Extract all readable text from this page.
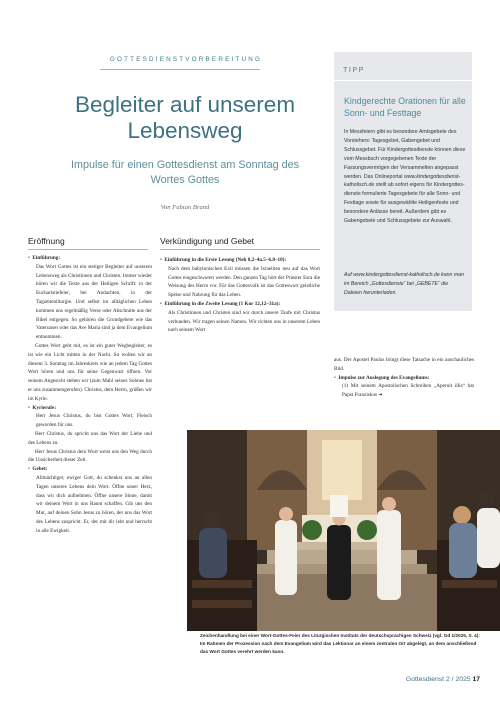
GOTTESDIENSTVORBEREITUNG
Begleiter auf unserem Lebensweg
Impulse für einen Gottesdienst am Sonntag des Wortes Gottes
Von Fabian Brand
TIPP
Kindgerechte Orationen für alle Sonn- und Festtage
In Messfeiern gibt es besondere Amtsgebete des Vorstehers: Tagesgebet, Gabengebet und Schlussgebet. Für Kindergottesdienste können diese vom Messbuch vorgegebenen Texte der Fassungsvermögen der Versammelten angepasst werden. Das Onlineportal www.kindergottesdienst-katholisch.de stellt ab sofort eigens für Kindergottes-dienste formulierte Tagesgebete für alle Sonn- und Festtage sowie für ausgewählte Heiligenfeste und besondere Anlässe bereit. Außerdem gibt es Gabengebete und Schlussgebete zur Auswahl.
Auf www.kindergottesdienst-katholisch.de kann man im Bereich „Gottesdienste“ bei „GEBETE“ die Dateien herunterladen.
Eröffnung

•  Einführung:
Das Wort Gottes ist ein stetiger Begleiter auf unserem Lebensweg als Christinnen und Christen. Immer wieder hören wir die Texte aus der Heiligen Schrift: in der Eucharistiefeier, bei Andachten, in der Tagzeitenliturgie. Und selbst im alltäglichen Leben kommen uns regelmäßig Verse oder Abschnitte aus der Bibel entgegen. So gehören die Grundgebete wie das Vaterunser oder das Ave Maria sind ja dem Evangelium entnommen.

Gottes Wort geht mit, es ist ein guter Wegbegleiter, es ist wie ein Licht mitten in der Nacht. So wollen wir an diesem 3. Sonntag im Jahreskreis wie an jedem Tag Gottes Wort hören und uns für seine Gegenwart öffnen. Vor seinem Angesicht stehen wir (zum Mahl seines Sohnes hat er uns zusammengerufen). Christus, dem Herrn, grüßen wir im Kyrie.

•  Kyrierufe:
Herr Jesus Christus, du bist Gottes Wort, Fleisch geworden für uns.

Herr Christus, du spricht uns das Wort der Liebe und des Lebens zu.

Herr Jesus Christus dein Wort weist uns den Weg durch die Unsicherheit dieser Zeit.

•  Gebet:
Allmächtiger, ewiger Gott, du schenkst uns an allen Tagen unseres Lebens dein Wort. Öffne unser Herz, dass wir dich aufnehmen. Öffne unsere Sinne, damit wir deinem Wort in uns Raum schaffen. Gib uns den Mut, auf deinen Sohn Jesus zu hören, der uns das Wort des Lebens zuspricht. Er, der mit dir lebt und herrscht in alle Ewigkeit.

Verkündigung und Gebet

•  Einführung in die Erste Lesung (Neh 8,2–4a.5–6.8–10):
Nach dem babylonischen Exil müssen die Israeliten neu auf das Wort Gottes eingeschworen werden. Den ganzen Tag hört der Priester Esra die Weisung des Herrn vor. Für das Gottesvolk ist das Gotteswort geistliche Speise und Nahrung für das Leben.

•  Einführung in die Zweite Lesung (1 Kor 12,12–31a):
Als Christinnen und Christen sind wir durch unsere Taufe mit Christus verbunden. Wir tragen seinen Namen. Wir richten uns in unserem Leben nach seinem Wort

aus. Der Apostel Paulus bringt diese Tatsache in ein anschauliches Bild.

•  Impulse zur Auslegung des Evangeliums:
(1) Mit seinem Apostolischen Schreiben „Aperuit illis“ hat Papst Franziskus ➔

Zeichenhandlung bei einer Wort-Gottes-Feier des Liturgischen Instituts der deutschsprachigen Schweiz (vgl. Gd 1/2025, S. 4): Im Rahmen der Prozession nach dem Evangelium wird das Lektionar an einem zentralen Ort abgelegt, an dem anschließend das Wort Gottes verehrt werden kann.
Gottesdienst 2 / 2025 17
